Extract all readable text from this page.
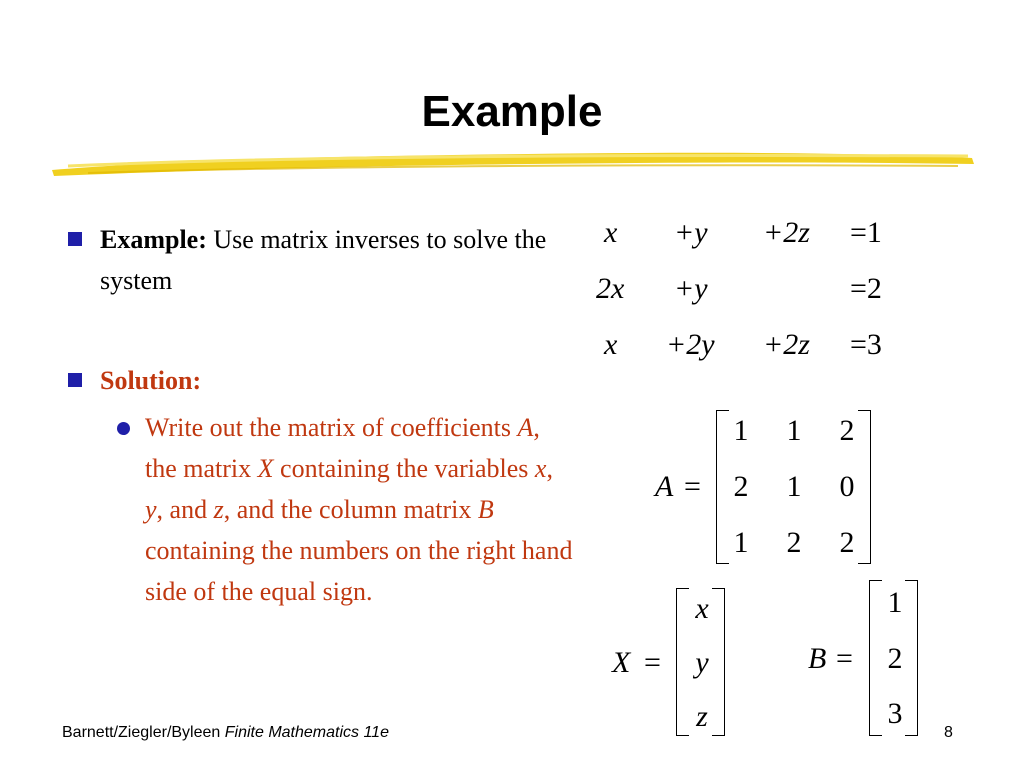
Example
Example: Use matrix inverses to solve the system
Solution:
Write out the matrix of coefficients A, the matrix X containing the variables x, y, and z, and the column matrix B containing the numbers on the right hand side of the equal sign.
x +y +2z =1
2x +y	=2
x +2y +2z =3
A =
1 1 2
2 1 0
1 2 2
X =
x
y
z
B =
1
2
3
Barnett/Ziegler/Byleen Finite Mathematics 11e	8
